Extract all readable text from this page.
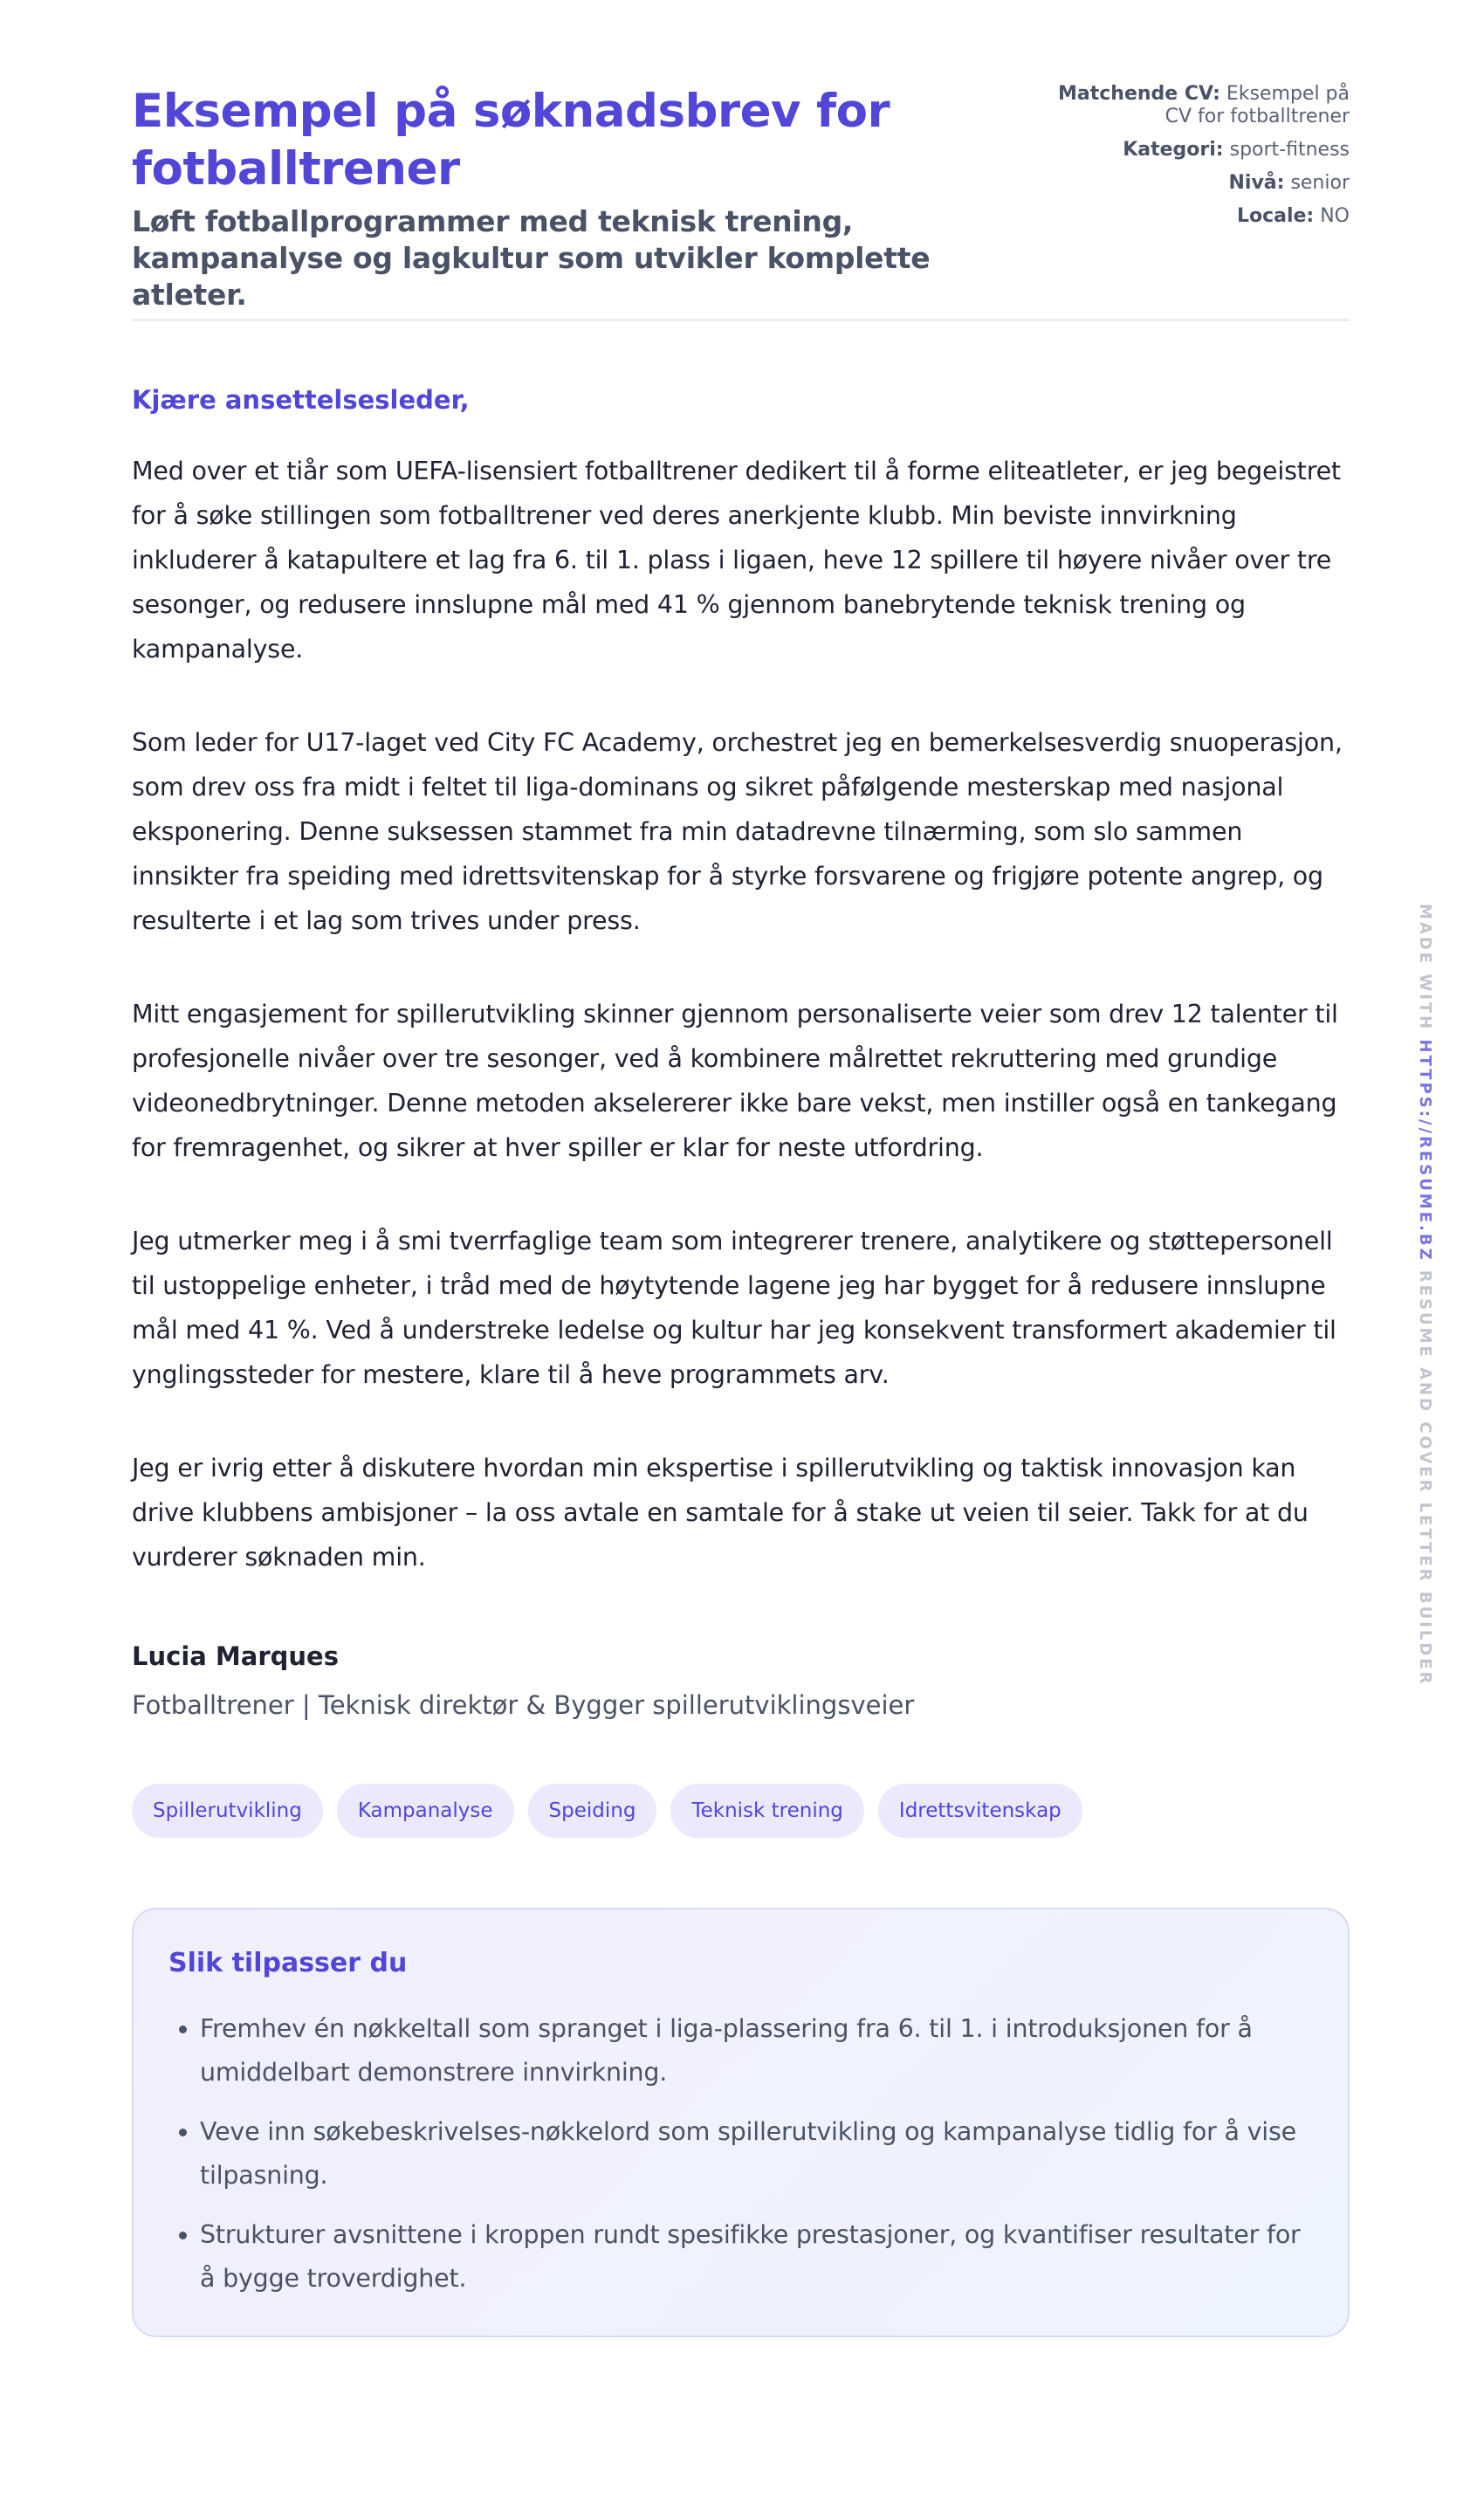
Eksempel på søknadsbrev for fotballtrener
Løft fotballprogrammer med teknisk trening, kampanalyse og lagkultur som utvikler komplette atleter.
Matchende CV: Eksempel på CV for fotballtrener
Kategori: sport-fitness
Nivå: senior
Locale: NO
Kjære ansettelsesleder,

Med over et tiår som UEFA-lisensiert fotballtrener dedikert til å forme eliteatleter, er jeg begeistret for å søke stillingen som fotballtrener ved deres anerkjente klubb. Min beviste innvirkning inkluderer å katapultere et lag fra 6. til 1. plass i ligaen, heve 12 spillere til høyere nivåer over tre sesonger, og redusere innslupne mål med 41 % gjennom banebrytende teknisk trening og kampanalyse.

Som leder for U17-laget ved City FC Academy, orchestret jeg en bemerkelsesverdig snuoperasjon, som drev oss fra midt i feltet til liga-dominans og sikret påfølgende mesterskap med nasjonal eksponering. Denne suksessen stammet fra min datadrevne tilnærming, som slo sammen innsikter fra speiding med idrettsvitenskap for å styrke forsvarene og frigjøre potente angrep, og resulterte i et lag som trives under press.

Mitt engasjement for spillerutvikling skinner gjennom personaliserte veier som drev 12 talenter til profesjonelle nivåer over tre sesonger, ved å kombinere målrettet rekruttering med grundige videonedbrytninger. Denne metoden akselererer ikke bare vekst, men instiller også en tankegang for fremragenhet, og sikrer at hver spiller er klar for neste utfordring.

Jeg utmerker meg i å smi tverrfaglige team som integrerer trenere, analytikere og støttepersonell til ustoppelige enheter, i tråd med de høytytende lagene jeg har bygget for å redusere innslupne mål med 41 %. Ved å understreke ledelse og kultur har jeg konsekvent transformert akademier til ynglingssteder for mestere, klare til å heve programmets arv.

Jeg er ivrig etter å diskutere hvordan min ekspertise i spillerutvikling og taktisk innovasjon kan drive klubbens ambisjoner – la oss avtale en samtale for å stake ut veien til seier. Takk for at du vurderer søknaden min.

Lucia Marques
Fotballtrener | Teknisk direktør & Bygger spillerutviklingsveier
Spillerutvikling	Kampanalyse	Speiding	Teknisk trening	Idrettsvitenskap
Slik tilpasser du
• Fremhev én nøkkeltall som spranget i liga-plassering fra 6. til 1. i introduksjonen for å umiddelbart demonstrere innvirkning.
• Veve inn søkebeskrivelses-nøkkelord som spillerutvikling og kampanalyse tidlig for å vise tilpasning.
• Strukturer avsnittene i kroppen rundt spesifikke prestasjoner, og kvantifiser resultater for å bygge troverdighet.
MADE WITH HTTPS://RESUME.BZ RESUME AND COVER LETTER BUILDER
